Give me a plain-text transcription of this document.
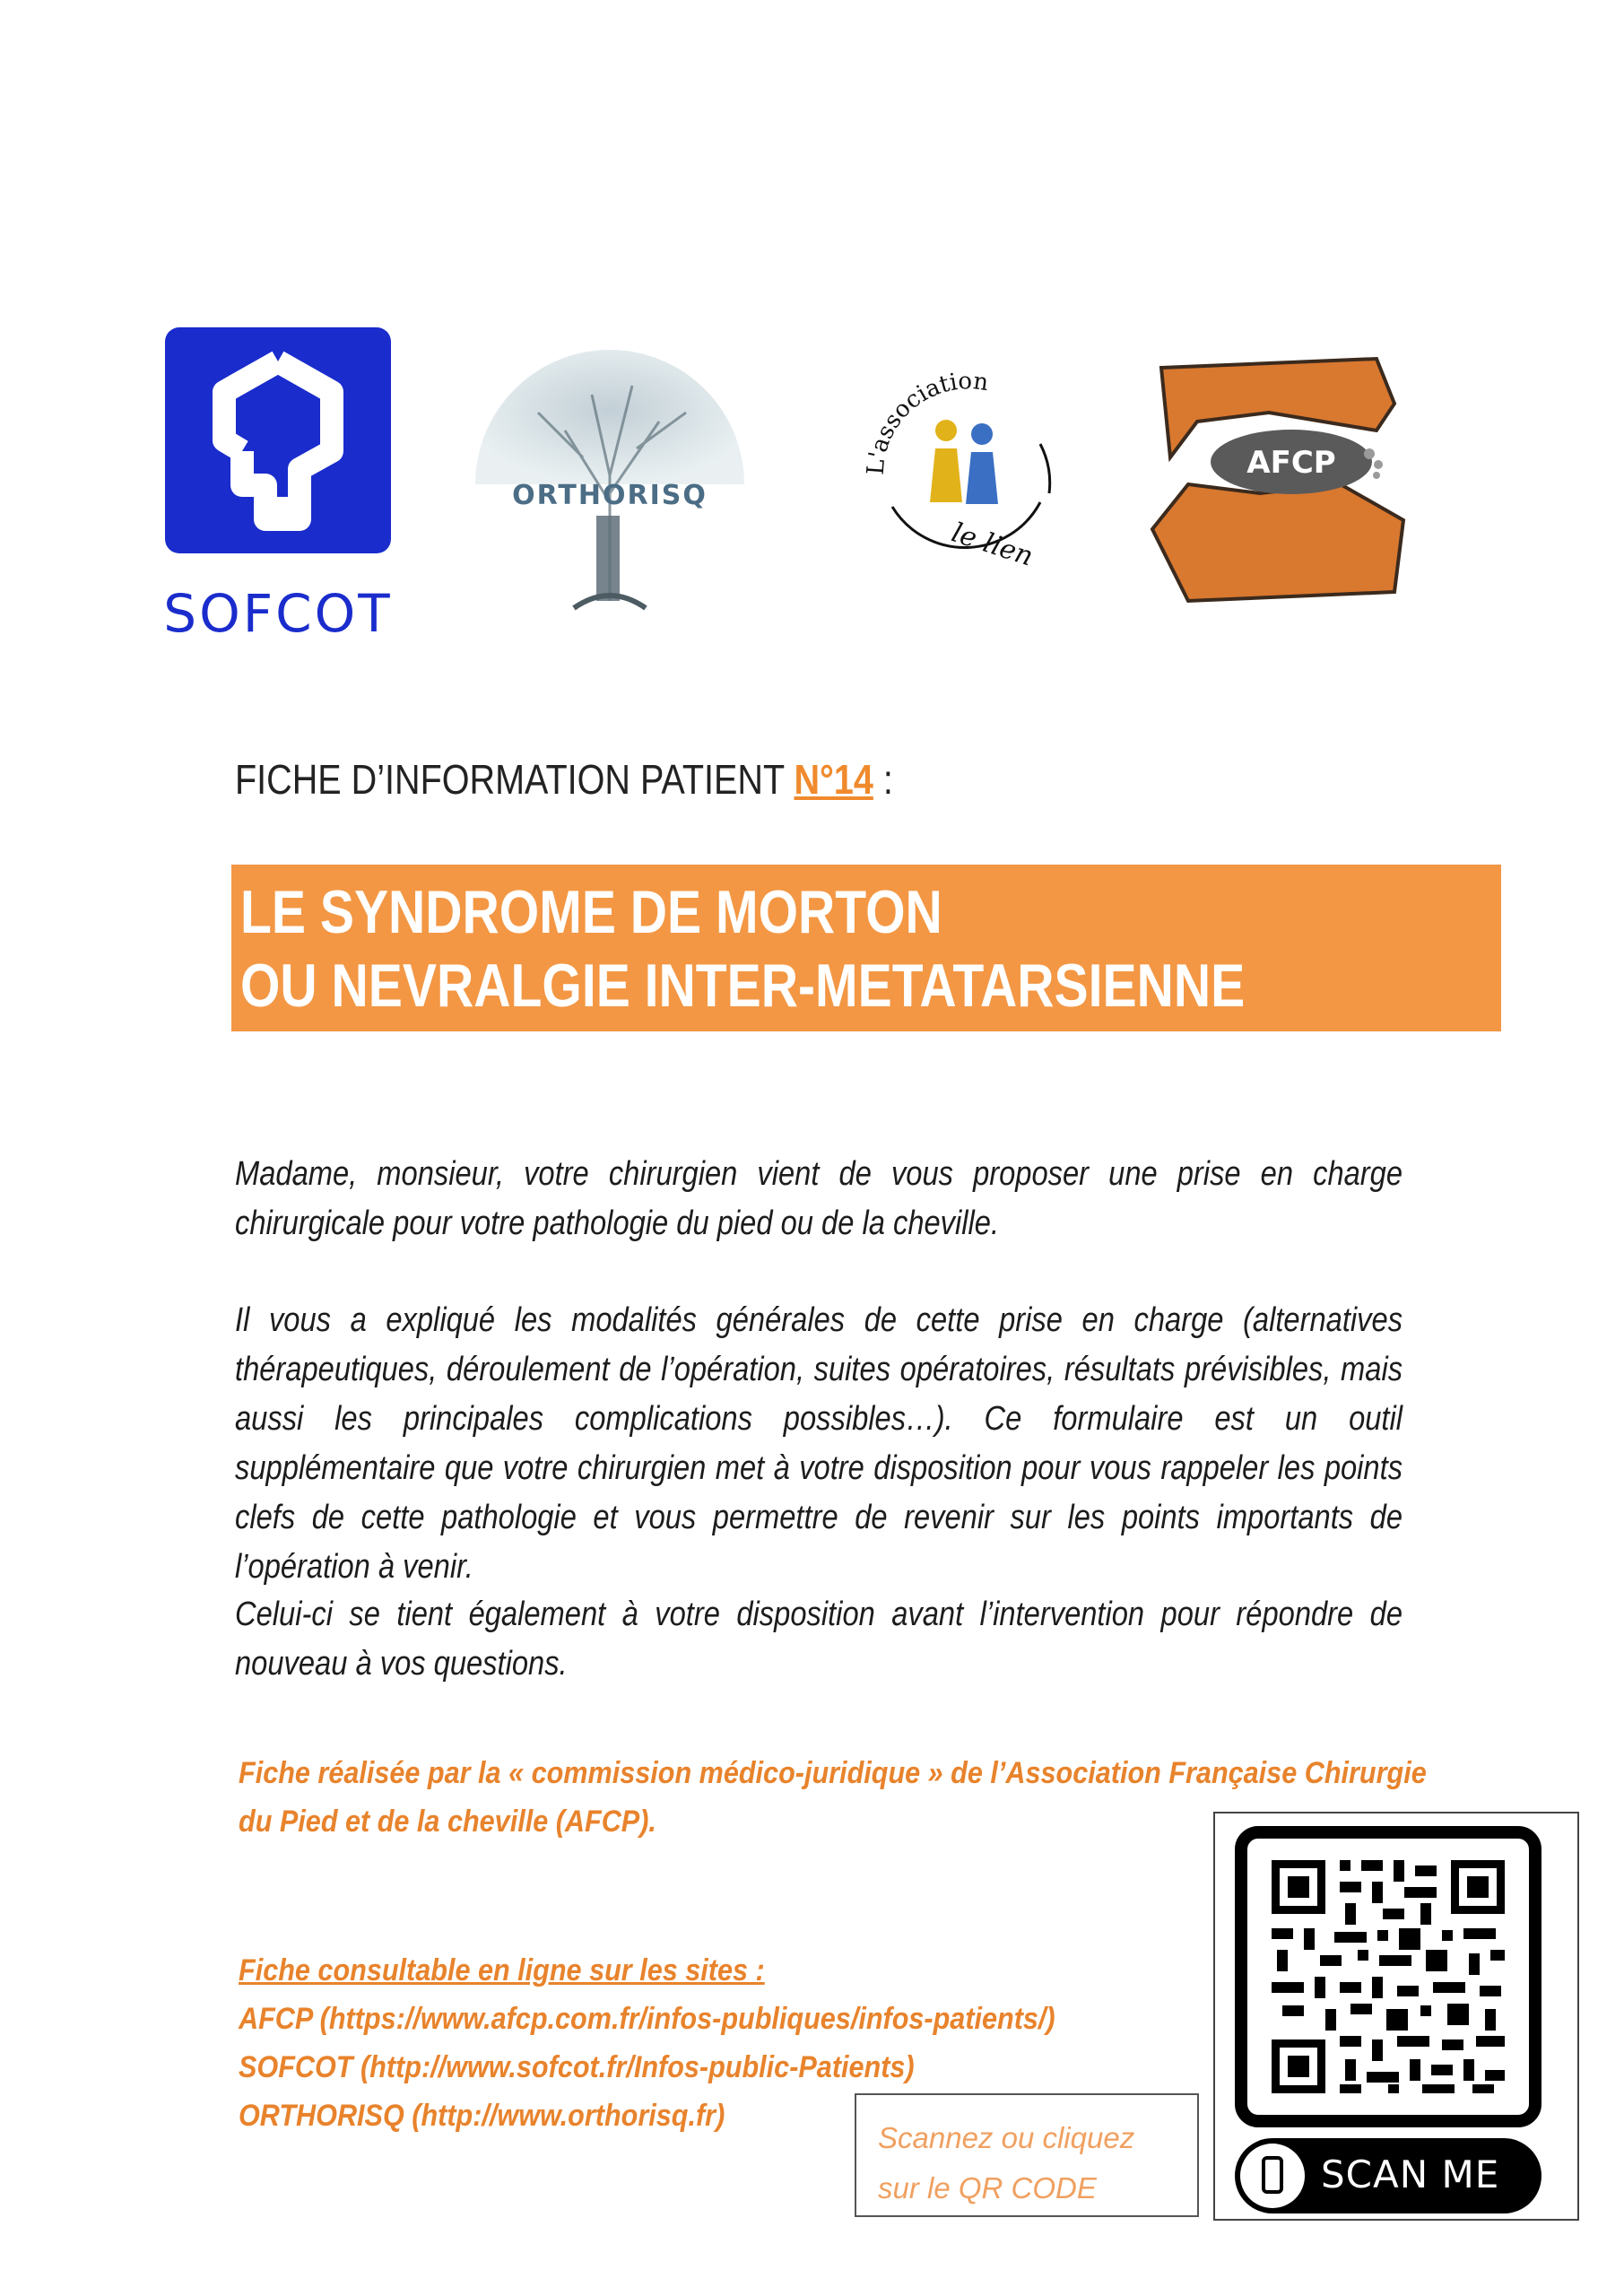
SOFCOT
ORTHORISQ
L'association
le lien
AFCP
FICHE D’INFORMATION PATIENT N°14 :
LE SYNDROME DE MORTON
OU NEVRALGIE INTER-METATARSIENNE
Madame, monsieur, votre chirurgien vient de vous proposer une prise en charge chirurgicale pour votre pathologie du pied ou de la cheville.
Il vous a expliqué les modalités générales de cette prise en charge (alternatives thérapeutiques, déroulement de l’opération, suites opératoires, résultats prévisibles, mais aussi les principales complications possibles…). Ce formulaire est un outil supplémentaire que votre chirurgien met à votre disposition pour vous rappeler les points clefs de cette pathologie et vous permettre de revenir sur les points importants de l’opération à venir.
Celui-ci se tient également à votre disposition avant l’intervention pour répondre de nouveau à vos questions.
Fiche réalisée par la « commission médico-juridique » de l’Association Française Chirurgie du Pied et de la cheville (AFCP).
Fiche consultable en ligne sur les sites :
AFCP (https://www.afcp.com.fr/infos-publiques/infos-patients/)
SOFCOT (http://www.sofcot.fr/Infos-public-Patients)
ORTHORISQ (http://www.orthorisq.fr)
Scannez ou cliquez sur le QR CODE	SCAN ME
